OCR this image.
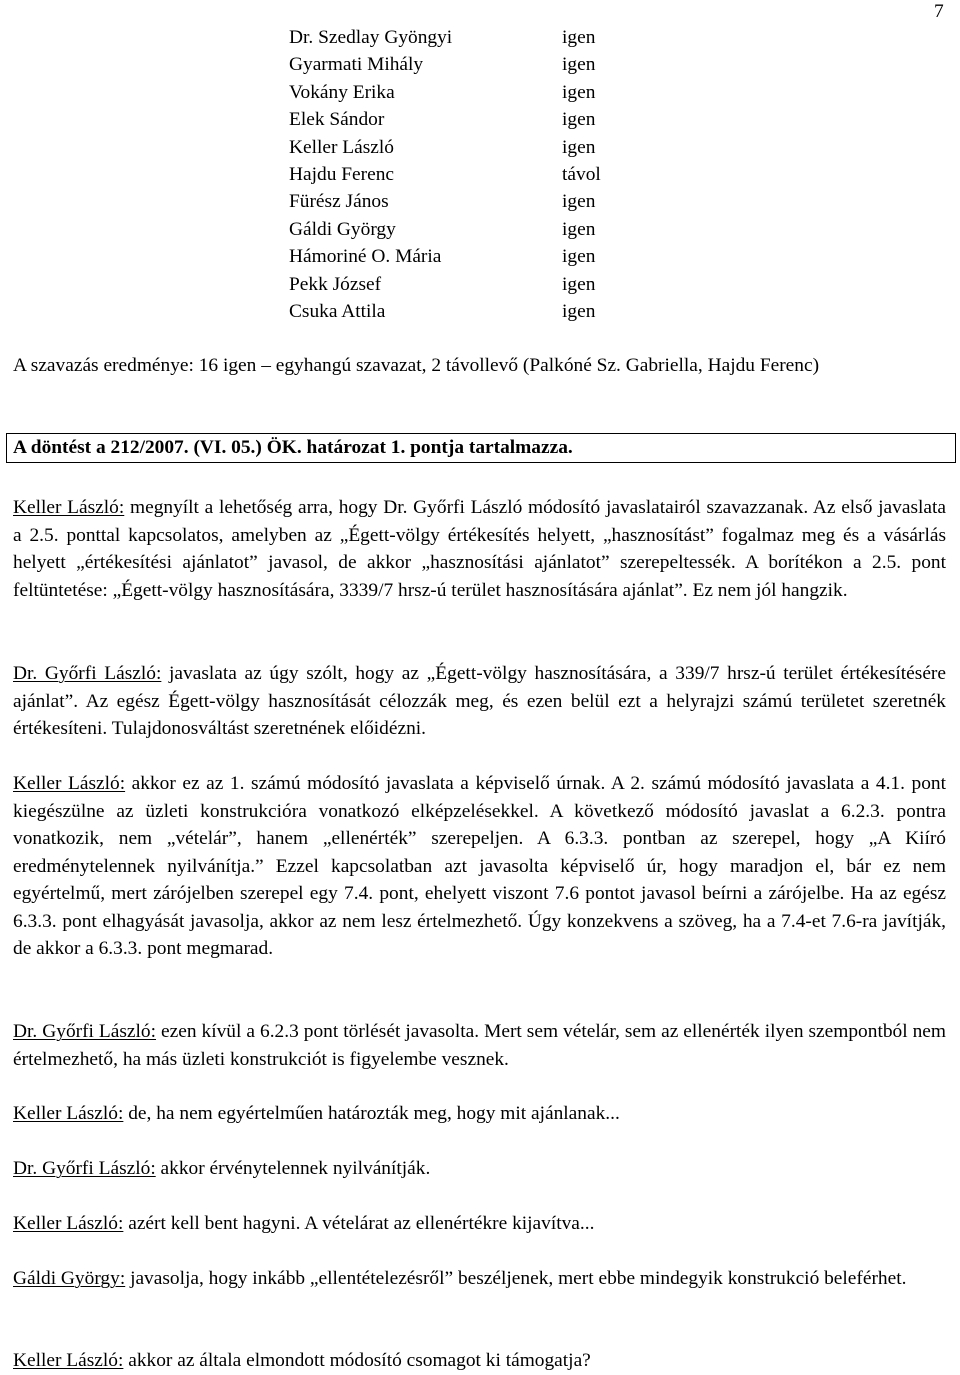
7
Dr. Szedlay Gyöngyi	igen
Gyarmati Mihály	igen
Vokány Erika	igen
Elek Sándor	igen
Keller László	igen
Hajdu Ferenc	távol
Fürész János	igen
Gáldi György	igen
Hámoriné O. Mária	igen
Pekk József	igen
Csuka Attila	igen

A szavazás eredménye: 16 igen – egyhangú szavazat, 2 távollevő (Palkóné Sz. Gabriella, Hajdu Ferenc)

A döntést a 212/2007. (VI. 05.) ÖK. határozat 1. pontja tartalmazza.

Keller László: megnyílt a lehetőség arra, hogy Dr. Győrfi László módosító javaslatairól szavazzanak. Az első javaslata a 2.5. ponttal kapcsolatos, amelyben az „Égett-völgy értékesítés helyett, „hasznosítást” fogalmaz meg és a vásárlás helyett „értékesítési ajánlatot” javasol, de akkor „hasznosítási ajánlatot” szerepeltessék. A borítékon a 2.5. pont feltüntetése: „Égett-völgy hasznosítására, 3339/7 hrsz-ú terület hasznosítására ajánlat”. Ez nem jól hangzik.

Dr. Győrfi László: javaslata az úgy szólt, hogy az „Égett-völgy hasznosítására, a 339/7 hrsz-ú terület értékesítésére ajánlat”. Az egész Égett-völgy hasznosítását célozzák meg, és ezen belül ezt a helyrajzi számú területet szeretnék értékesíteni. Tulajdonosváltást szeretnének előidézni.

Keller László: akkor ez az 1. számú módosító javaslata a képviselő úrnak. A 2. számú módosító javaslata a 4.1. pont kiegészülne az üzleti konstrukcióra vonatkozó elképzelésekkel. A következő módosító javaslat a 6.2.3. pontra vonatkozik, nem „vételár”, hanem „ellenérték” szerepeljen. A 6.3.3. pontban az szerepel, hogy „A Kiíró eredménytelennek nyilvánítja.” Ezzel kapcsolatban azt javasolta képviselő úr, hogy maradjon el, bár ez nem egyértelmű, mert zárójelben szerepel egy 7.4. pont, ehelyett viszont 7.6 pontot javasol beírni a zárójelbe. Ha az egész 6.3.3. pont elhagyását javasolja, akkor az nem lesz értelmezhető. Úgy konzekvens a szöveg, ha a 7.4-et 7.6-ra javítják, de akkor a 6.3.3. pont megmarad.

Dr. Győrfi László: ezen kívül a 6.2.3 pont törlését javasolta. Mert sem vételár, sem az ellenérték ilyen szempontból nem értelmezhető, ha más üzleti konstrukciót is figyelembe vesznek.

Keller László: de, ha nem egyértelműen határozták meg, hogy mit ajánlanak...

Dr. Győrfi László: akkor érvénytelennek nyilvánítják.

Keller László: azért kell bent hagyni. A vételárat az ellenértékre kijavítva...

Gáldi György: javasolja, hogy inkább „ellentételezésről” beszéljenek, mert ebbe mindegyik konstrukció beleférhet.

Keller László: akkor az általa elmondott módosító csomagot ki támogatja?
